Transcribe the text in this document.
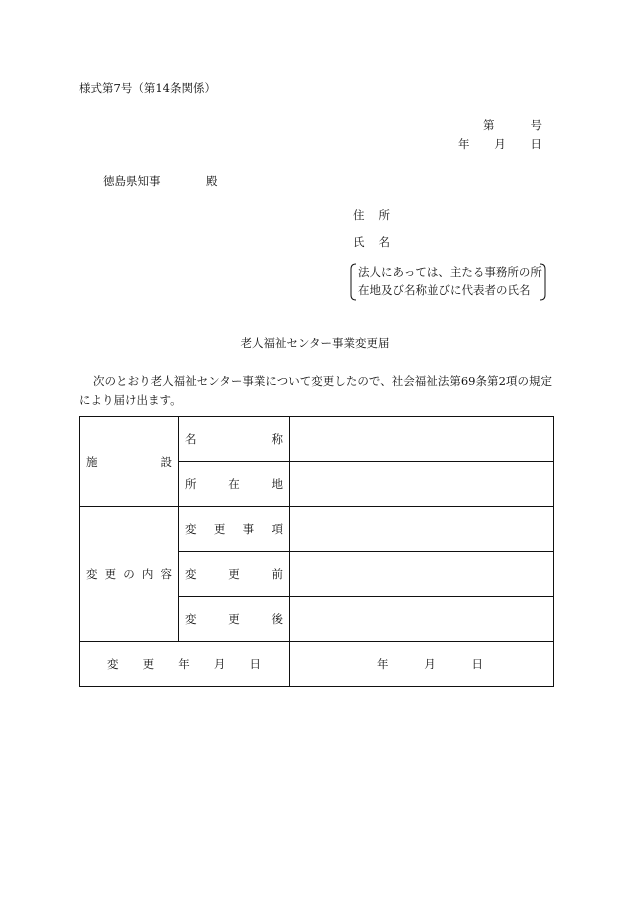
様式第7号（第14条関係）
第	号
年 月 日
徳島県知事	殿
住 所
氏 名
法人にあっては、主たる事務所の所
在地及び名称並びに代表者の氏名
老人福祉センター事業変更届
次のとおり老人福祉センター事業について変更したので、社会福祉法第69条第2項の規定
により届け出ます。
施 設	名 称	

	所 在 地	

変 更 の 内 容	変 更 事 項	

	変 更 前	

	変 更 後	

変 更 年 月 日		年 月 日
